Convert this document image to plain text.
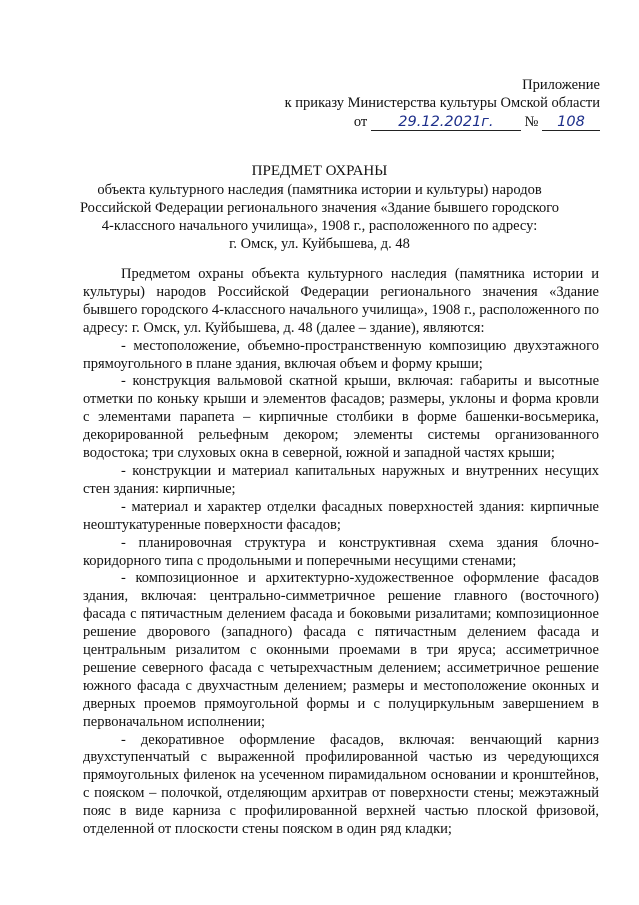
Приложение
к приказу Министерства культуры Омской области
от 29.12.2021г. № 108
ПРЕДМЕТ ОХРАНЫ
объекта культурного наследия (памятника истории и культуры) народов
Российской Федерации регионального значения «Здание бывшего городского
4-классного начального училища», 1908 г., расположенного по адресу:
г. Омск, ул. Куйбышева, д. 48

Предметом охраны объекта культурного наследия (памятника истории и культуры) народов Российской Федерации регионального значения «Здание бывшего городского 4-классного начального училища», 1908 г., расположенного по адресу: г. Омск, ул. Куйбышева, д. 48 (далее – здание), являются:

- местоположение, объемно-пространственную композицию двухэтажного прямоугольного в плане здания, включая объем и форму крыши;

- конструкция вальмовой скатной крыши, включая: габариты и высотные отметки по коньку крыши и элементов фасадов; размеры, уклоны и форма кровли с элементами парапета – кирпичные столбики в форме башенки-восьмерика, декорированной рельефным декором; элементы системы организованного водостока; три слуховых окна в северной, южной и западной частях крыши;

- конструкции и материал капитальных наружных и внутренних несущих стен здания: кирпичные;

- материал и характер отделки фасадных поверхностей здания: кирпичные неоштукатуренные поверхности фасадов;

- планировочная структура и конструктивная схема здания блочно-коридорного типа с продольными и поперечными несущими стенами;

- композиционное и архитектурно-художественное оформление фасадов здания, включая: центрально-симметричное решение главного (восточного) фасада с пятичастным делением фасада и боковыми ризалитами; композиционное решение дворового (западного) фасада с пятичастным делением фасада и центральным ризалитом с оконными проемами в три яруса; ассиметричное решение северного фасада с четырехчастным делением; ассиметричное решение южного фасада с двухчастным делением; размеры и местоположение оконных и дверных проемов прямоугольной формы и с полуциркульным завершением в первоначальном исполнении;

- декоративное оформление фасадов, включая: венчающий карниз двухступенчатый с выраженной профилированной частью из чередующихся прямоугольных филенок на усеченном пирамидальном основании и кронштейнов, с пояском – полочкой, отделяющим архитрав от поверхности стены; межэтажный пояс в виде карниза с профилированной верхней частью плоской фризовой, отделенной от плоскости стены пояском в один ряд кладки;
